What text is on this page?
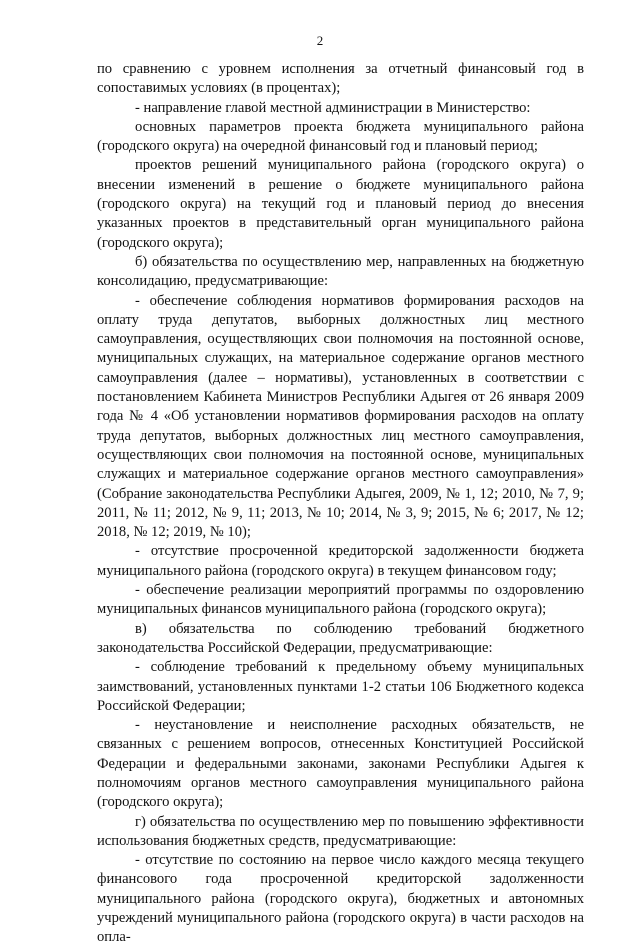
2

по сравнению с уровнем исполнения за отчетный финансовый год в сопоставимых условиях (в процентах);

- направление главой местной администрации в Министерство:

основных параметров проекта бюджета муниципального района (городского округа) на очередной финансовый год и плановый период;

проектов решений муниципального района (городского округа) о внесении изменений в решение о бюджете муниципального района (городского округа) на текущий год и плановый период до внесения указанных проектов в представительный орган муниципального района (городского округа);

б) обязательства по осуществлению мер, направленных на бюджетную консолидацию, предусматривающие:

- обеспечение соблюдения нормативов формирования расходов на оплату труда депутатов, выборных должностных лиц местного самоуправления, осуществляющих свои полномочия на постоянной основе, муниципальных служащих, на материальное содержание органов местного самоуправления (далее – нормативы), установленных в соответствии с постановлением Кабинета Министров Республики Адыгея от 26 января 2009 года № 4 «Об установлении нормативов формирования расходов на оплату труда депутатов, выборных должностных лиц местного самоуправления, осуществляющих свои полномочия на постоянной основе, муниципальных служащих и материальное содержание органов местного самоуправления» (Собрание законодательства Республики Адыгея, 2009, № 1, 12; 2010, № 7, 9; 2011, № 11; 2012, № 9, 11; 2013, № 10; 2014, № 3, 9; 2015, № 6; 2017, № 12; 2018, № 12; 2019, № 10);

- отсутствие просроченной кредиторской задолженности бюджета муниципального района (городского округа) в текущем финансовом году;

- обеспечение реализации мероприятий программы по оздоровлению муниципальных финансов муниципального района (городского округа);

в) обязательства по соблюдению требований бюджетного законодательства Российской Федерации, предусматривающие:

- соблюдение требований к предельному объему муниципальных заимствований, установленных пунктами 1-2 статьи 106 Бюджетного кодекса Российской Федерации;

- неустановление и неисполнение расходных обязательств, не связанных с решением вопросов, отнесенных Конституцией Российской Федерации и федеральными законами, законами Республики Адыгея к полномочиям органов местного самоуправления муниципального района (городского округа);

г) обязательства по осуществлению мер по повышению эффективности использования бюджетных средств, предусматривающие:

- отсутствие по состоянию на первое число каждого месяца текущего финансового года просроченной кредиторской задолженности муниципального района (городского округа), бюджетных и автономных учреждений муниципального района (городского округа) в части расходов на опла-
